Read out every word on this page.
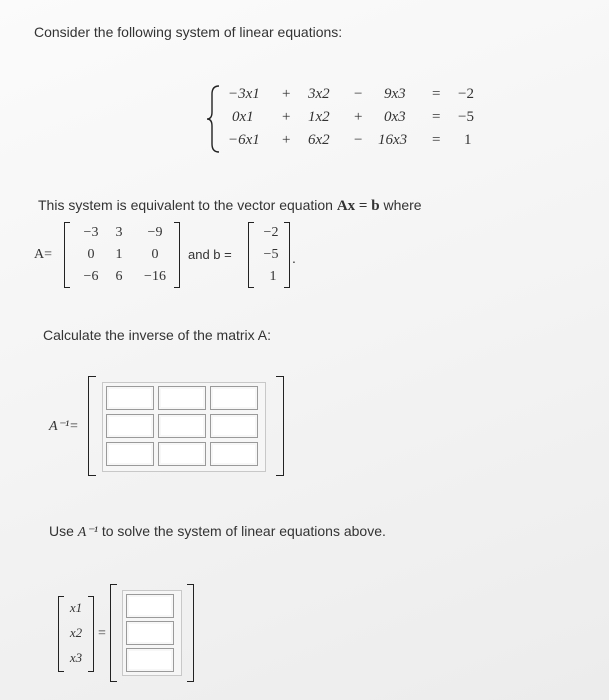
Consider the following system of linear equations:
−3x1 + 3x2 − 9x3 = −2
0x1 + 1x2 + 0x3 = −5
−6x1 + 6x2 − 16x3 = 1
This system is equivalent to the vector equation Ax = b where
A=
−3	3	−9
0	1	0
−6	6	−16
and b =
−2
−5
1
.
Calculate the inverse of the matrix A:
A⁻¹=
Use A⁻¹ to solve the system of linear equations above.
x1
x2
x3
=
